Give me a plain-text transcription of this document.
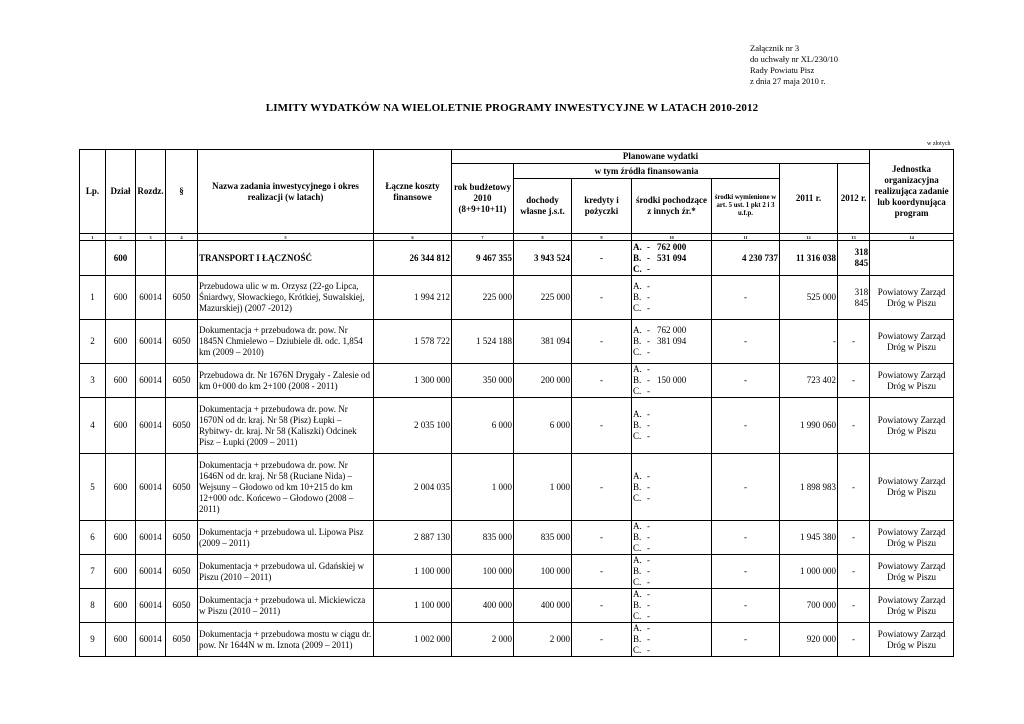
Załącznik nr 3
do uchwały nr XL/230/10
Rady Powiatu Pisz
z dnia 27 maja 2010 r.
LIMITY WYDATKÓW NA WIELOLETNIE PROGRAMY INWESTYCYJNE W LATACH 2010-2012
w złotych
Lp.	Dział	Rozdz.	§	Nazwa zadania inwestycyjnego i okres realizacji (w latach)	Łączne koszty finansowe	Planowane wydatki							Jednostka organizacyjna realizująca zadanie lub koordynująca program
						rok budżetowy 2010 (8+9+10+11)	w tym źródła finansowania				2011 r.	2012 r.	
							dochody własne j.s.t.	kredyty i pożyczki	środki pochodzące z innych źr.*	środki wymienione w art. 5 ust. 1 pkt 2 i 3 u.f.p.			
1	2	3	4	5	6	7	8	9	10	11	12	13	14
	600			TRANSPORT I ŁĄCZNOŚĆ	26 344 812	9 467 355	3 943 524	-	A. - 762 000
B. - 531 094
C. -	4 230 737	11 316 038	318 845	
1	600	60014	6050	Przebudowa ulic w m. Orzysz (22-go Lipca, Śniardwy, Słowackiego, Krótkiej, Suwalskiej, Mazurskiej) (2007 -2012)	1 994 212	225 000	225 000	-	A. -
B. -
C. -	-	525 000	318 845	Powiatowy Zarząd Dróg w Piszu
2	600	60014	6050	Dokumentacja + przebudowa dr. pow. Nr 1845N Chmielewo – Dziubiele dł. odc. 1,854 km (2009 – 2010)	1 578 722	1 524 188	381 094	-	A. - 762 000
B. - 381 094
C. -	-	-	-	Powiatowy Zarząd Dróg w Piszu
3	600	60014	6050	Przebudowa dr. Nr 1676N Drygały - Zalesie od km 0+000 do km 2+100 (2008 - 2011)	1 300 000	350 000	200 000	-	A. -
B. - 150 000
C. -	-	723 402	-	Powiatowy Zarząd Dróg w Piszu
4	600	60014	6050	Dokumentacja + przebudowa dr. pow. Nr 1670N od dr. kraj. Nr 58 (Pisz) Łupki – Rybitwy- dr. kraj. Nr 58 (Kaliszki) Odcinek Pisz – Łupki (2009 – 2011)	2 035 100	6 000	6 000	-	A. -
B. -
C. -	-	1 990 060	-	Powiatowy Zarząd Dróg w Piszu
5	600	60014	6050	Dokumentacja + przebudowa dr. pow. Nr 1646N od dr. kraj. Nr 58 (Ruciane Nida) – Wejsuny – Głodowo od km 10+215 do km 12+000 odc. Końcewo – Głodowo (2008 – 2011)	2 004 035	1 000	1 000	-	A. -
B. -
C. -	-	1 898 983	-	Powiatowy Zarząd Dróg w Piszu
6	600	60014	6050	Dokumentacja + przebudowa ul. Lipowa Pisz (2009 – 2011)	2 887 130	835 000	835 000	-	A. -
B. -
C. -	-	1 945 380	-	Powiatowy Zarząd Dróg w Piszu
7	600	60014	6050	Dokumentacja + przebudowa ul. Gdańskiej w Piszu (2010 – 2011)	1 100 000	100 000	100 000	-	A. -
B. -
C. -	-	1 000 000	-	Powiatowy Zarząd Dróg w Piszu
8	600	60014	6050	Dokumentacja + przebudowa ul. Mickiewicza w Piszu (2010 – 2011)	1 100 000	400 000	400 000	-	A. -
B. -
C. -	-	700 000	-	Powiatowy Zarząd Dróg w Piszu
9	600	60014	6050	Dokumentacja + przebudowa mostu w ciągu dr. pow. Nr 1644N w m. Iznota (2009 – 2011)	1 002 000	2 000	2 000	-	A. -
B. -
C. -	-	920 000	-	Powiatowy Zarząd Dróg w Piszu
